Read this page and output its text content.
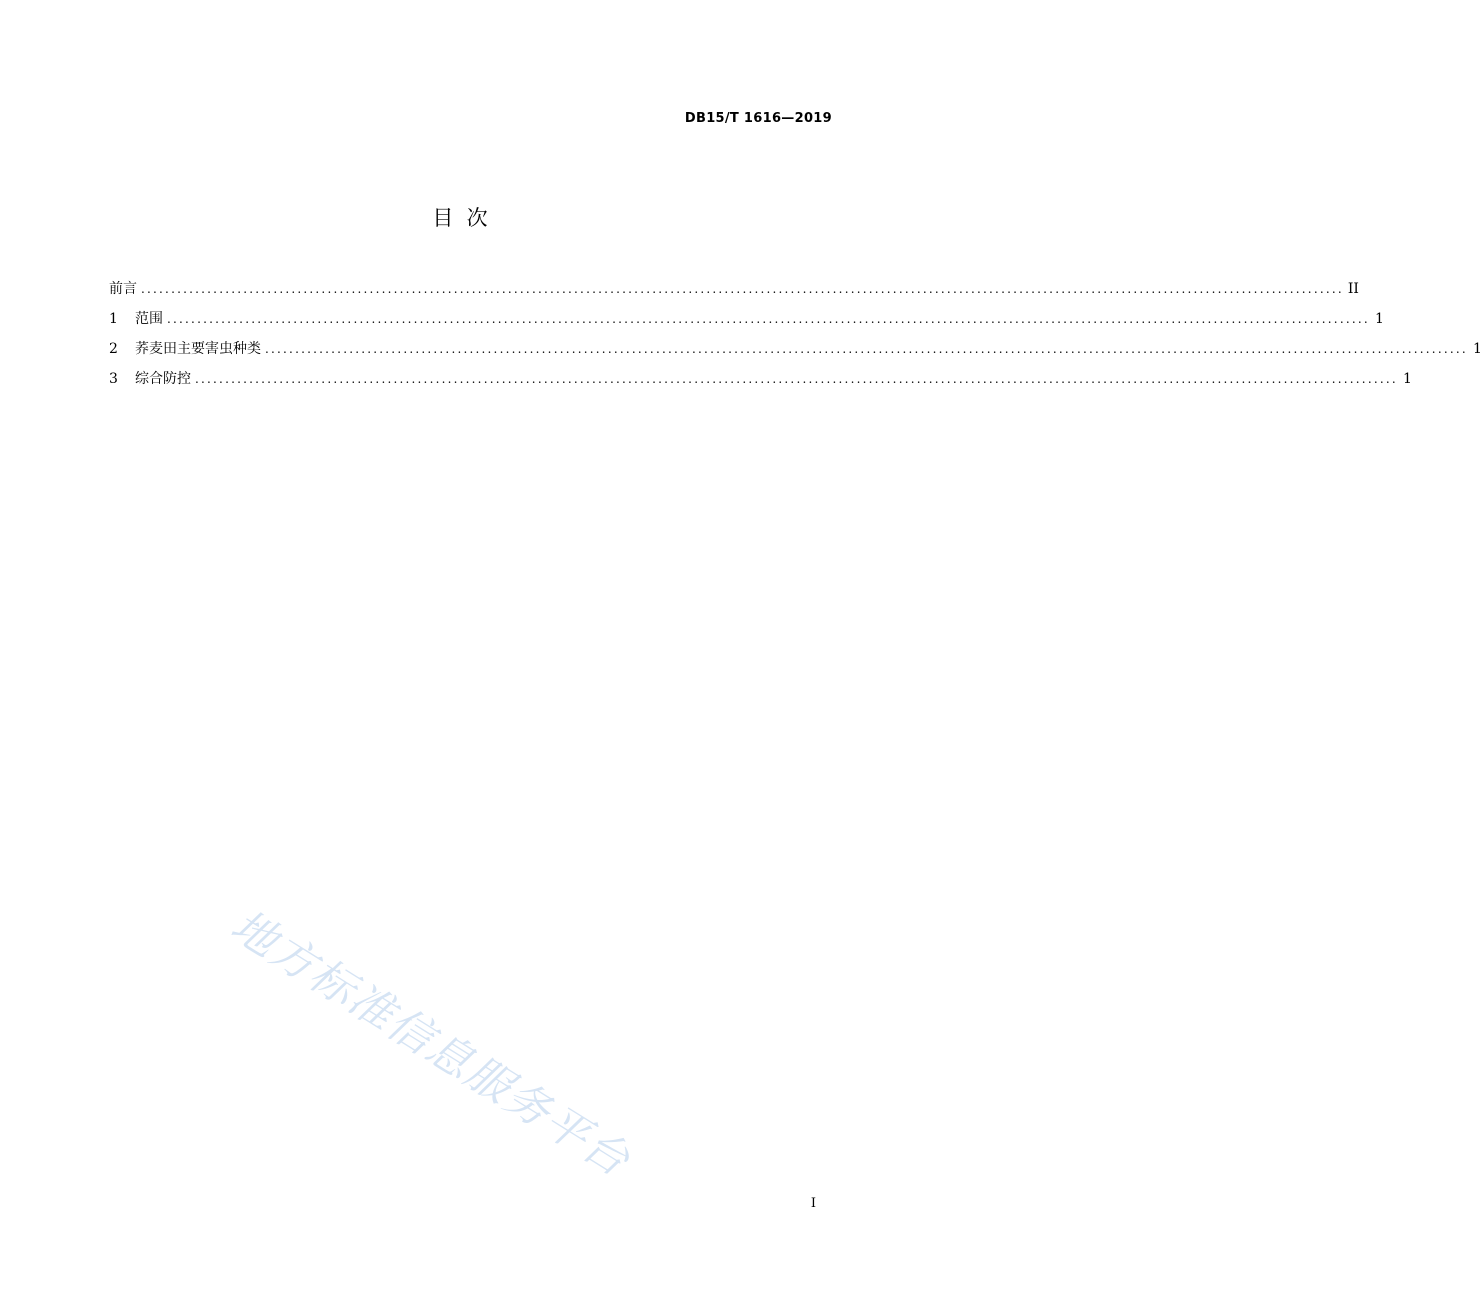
DB15/T 1616—2019
目  次
前言 ........................................................................................................................................................................................................ II
1	范围 ........................................................................................................................................................................................................ 1
2	荞麦田主要害虫种类 ........................................................................................................................................................................................................ 1
3	综合防控 ........................................................................................................................................................................................................ 1
地方标准信息服务平台
I
